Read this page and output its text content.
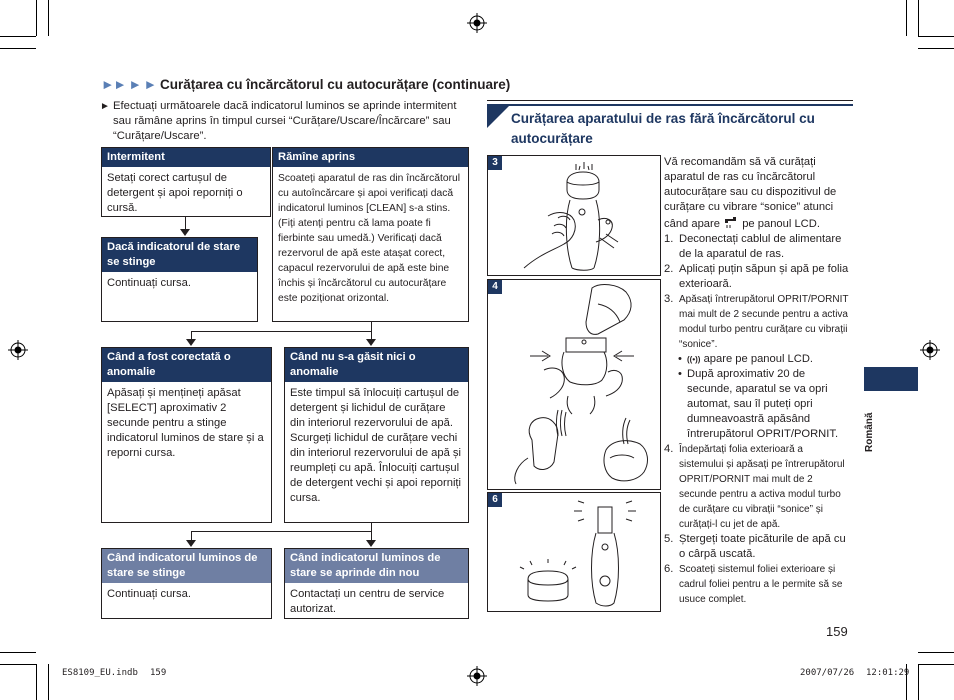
►► ► ► Curățarea cu încărcătorul cu autocurățare (continuare)
► Efectuați următoarele dacă indicatorul luminos se aprinde intermitent sau rămâne aprins în timpul cursei “Curățare/Uscare/Încărcare” sau “Curățare/Uscare”.
Intermitent
Setați corect cartușul de detergent și apoi reporniți o cursă.
Rămîne aprins
Scoateți aparatul de ras din încărcătorul cu autoîncărcare și apoi verificați dacă indicatorul luminos [CLEAN] s-a stins. (Fiți atenți pentru că lama poate fi fierbinte sau umedă.) Verificați dacă rezervorul de apă este atașat corect, capacul rezervorului de apă este bine închis și încărcătorul cu autocurățare este poziționat orizontal.
Dacă indicatorul de stare se stinge
Continuați cursa.
Când a fost corectată o anomalie
Apăsați și mențineți apăsat [SELECT] aproximativ 2 secunde pentru a stinge indicatorul luminos de stare și a reporni cursa.
Când nu s-a găsit nici o anomalie
Este timpul să înlocuiți cartușul de detergent și lichidul de curățare din interiorul rezervorului de apă. Scurgeți lichidul de curățare vechi din interiorul rezervorului de apă și reumpleți cu apă. Înlocuiți cartușul de detergent vechi și apoi reporniți cursa.
Când indicatorul luminos de stare se stinge
Continuați cursa.
Când indicatorul luminos de stare se aprinde din nou
Contactați un centru de service autorizat.
Curățarea aparatului de ras fără încărcătorul cu autocurățare
3
4
6
Vă recomandăm să vă curățați aparatul de ras cu încărcătorul autocurățare sau cu dispozitivul de curățare cu vibrare “sonice” atunci când apare pe panoul LCD.
1. Deconectați cablul de alimentare de la aparatul de ras.
2. Aplicați puțin săpun și apă pe folia exterioară.
3. Apăsați întrerupătorul OPRIT/PORNIT mai mult de 2 secunde pentru a activa modul turbo pentru curățare cu vibrații “sonice”.
• ((•)) apare pe panoul LCD.
• După aproximativ 20 de secunde, aparatul se va opri automat, sau îl puteți opri dumneavoastră apăsând întrerupătorul OPRIT/PORNIT.
4. Îndepărtați folia exterioară a sistemului și apăsați pe întrerupătorul OPRIT/PORNIT mai mult de 2 secunde pentru a activa modul turbo de curățare cu vibrații “sonice” și curățați-l cu jet de apă.
5. Ștergeți toate picăturile de apă cu o cârpă uscată.
6. Scoateți sistemul foliei exterioare și cadrul foliei pentru a le permite să se usuce complet.
Română
159
ES8109_EU.indb 159	2007/07/26 12:01:29
